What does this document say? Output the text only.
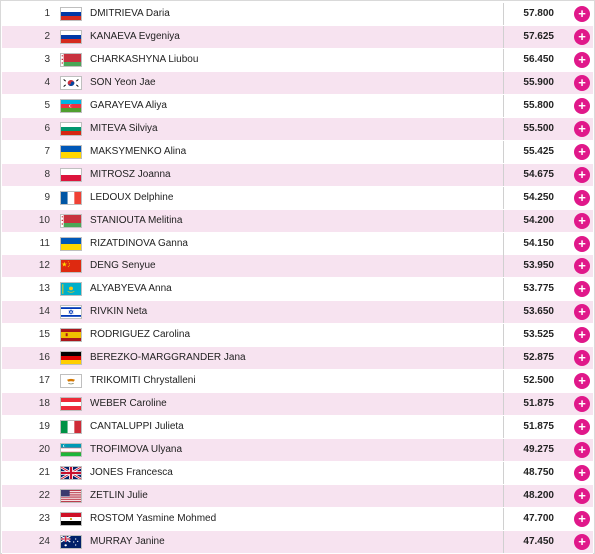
1	DMITRIEVA Daria	57.800	+
2	KANAEVA Evgeniya	57.625	+
3	CHARKASHYNA Liubou	56.450	+
4	SON Yeon Jae	55.900	+
5	GARAYEVA Aliya	55.800	+
6	MITEVA Silviya	55.500	+
7	MAKSYMENKO Alina	55.425	+
8	MITROSZ Joanna	54.675	+
9	LEDOUX Delphine	54.250	+
10	STANIOUTA Melitina	54.200	+
11	RIZATDINOVA Ganna	54.150	+
12	DENG Senyue	53.950	+
13	ALYABYEVA Anna	53.775	+
14	RIVKIN Neta	53.650	+
15	RODRIGUEZ Carolina	53.525	+
16	BEREZKO-MARGGRANDER Jana	52.875	+
17	TRIKOMITI Chrystalleni	52.500	+
18	WEBER Caroline	51.875	+
19	CANTALUPPI Julieta	51.875	+
20	TROFIMOVA Ulyana	49.275	+
21	JONES Francesca	48.750	+
22	ZETLIN Julie	48.200	+
23	ROSTOM Yasmine Mohmed	47.700	+
24	MURRAY Janine	47.450	+
